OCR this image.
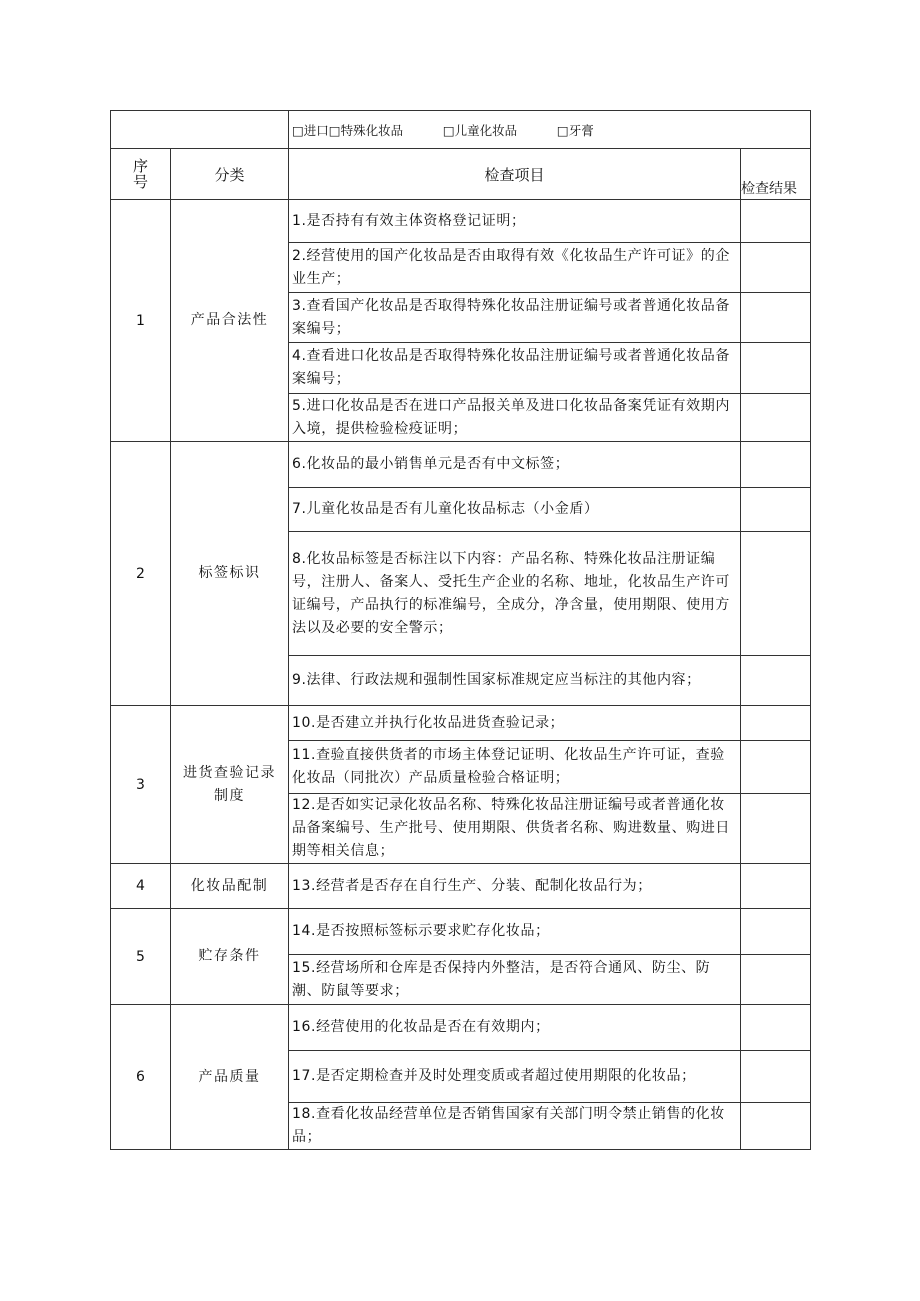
		□进口□特殊化妆品          □儿童化妆品          □牙膏	
序号	分类	检查项目	检查结果
1	产品合法性	1.是否持有有效主体资格登记证明；	
		2.经营使用的国产化妆品是否由取得有效《化妆品生产许可证》的企业生产；	
		3.查看国产化妆品是否取得特殊化妆品注册证编号或者普通化妆品备案编号；	
		4.查看进口化妆品是否取得特殊化妆品注册证编号或者普通化妆品备案编号；	
		5.进口化妆品是否在进口产品报关单及进口化妆品备案凭证有效期内入境，提供检验检疫证明；	
2	标签标识	6.化妆品的最小销售单元是否有中文标签；	
		7.儿童化妆品是否有儿童化妆品标志（小金盾）	
		8.化妆品标签是否标注以下内容：产品名称、特殊化妆品注册证编号，注册人、备案人、受托生产企业的名称、地址，化妆品生产许可证编号，产品执行的标准编号，全成分，净含量，使用期限、使用方法以及必要的安全警示；	
		9.法律、行政法规和强制性国家标准规定应当标注的其他内容；	
3	进货查验记录制度	10.是否建立并执行化妆品进货查验记录；	
		11.查验直接供货者的市场主体登记证明、化妆品生产许可证，查验化妆品（同批次）产品质量检验合格证明；	
		12.是否如实记录化妆品名称、特殊化妆品注册证编号或者普通化妆品备案编号、生产批号、使用期限、供货者名称、购进数量、购进日期等相关信息；	
4	化妆品配制	13.经营者是否存在自行生产、分装、配制化妆品行为；	
5	贮存条件	14.是否按照标签标示要求贮存化妆品；	
		15.经营场所和仓库是否保持内外整洁，是否符合通风、防尘、防潮、防鼠等要求；	
6	产品质量	16.经营使用的化妆品是否在有效期内；	
		17.是否定期检查并及时处理变质或者超过使用期限的化妆品；	
		18.查看化妆品经营单位是否销售国家有关部门明令禁止销售的化妆品；	
